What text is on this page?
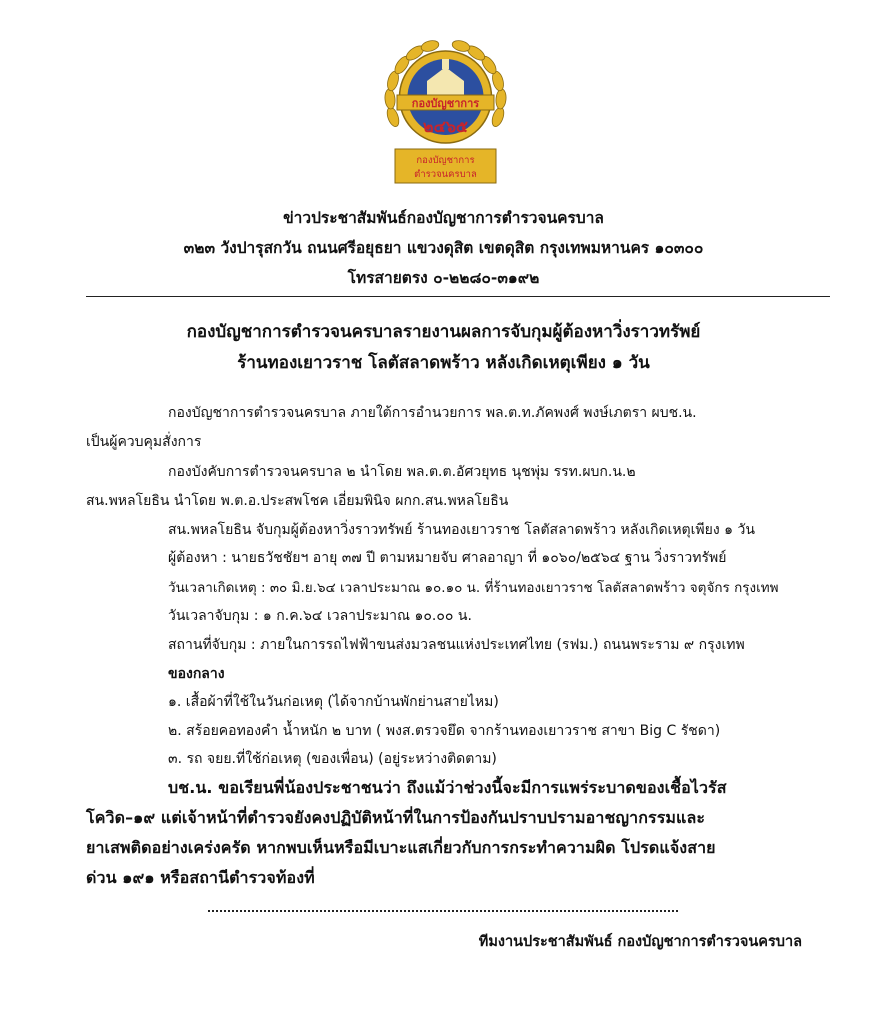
กองบัญชาการ
๒๔๖๕
กองบัญชาการ
ตำรวจนครบาล
ข่าวประชาสัมพันธ์กองบัญชาการตำรวจนครบาล
๓๒๓ วังปารุสกวัน ถนนศรีอยุธยา แขวงดุสิต เขตดุสิต กรุงเทพมหานคร ๑๐๓๐๐
โทรสายตรง ๐-๒๒๘๐-๓๑๙๒
กองบัญชาการตำรวจนครบาลรายงานผลการจับกุมผู้ต้องหาวิ่งราวทรัพย์
ร้านทองเยาวราช โลตัสลาดพร้าว หลังเกิดเหตุเพียง ๑ วัน
กองบัญชาการตำรวจนครบาล ภายใต้การอำนวยการ พล.ต.ท.ภัคพงศ์ พงษ์เภตรา ผบช.น.
เป็นผู้ควบคุมสั่งการ
กองบังคับการตำรวจนครบาล ๒ นำโดย พล.ต.ต.อัศวยุทธ นุชพุ่ม รรท.ผบก.น.๒
สน.พหลโยธิน นำโดย พ.ต.อ.ประสพโชค เอี่ยมพินิจ ผกก.สน.พหลโยธิน
สน.พหลโยธิน จับกุมผู้ต้องหาวิ่งราวทรัพย์ ร้านทองเยาวราช โลตัสลาดพร้าว หลังเกิดเหตุเพียง ๑ วัน
ผู้ต้องหา : นายธวัชชัยฯ อายุ ๓๗ ปี ตามหมายจับ ศาลอาญา ที่ ๑๐๖๐/๒๕๖๔ ฐาน วิ่งราวทรัพย์
วันเวลาเกิดเหตุ : ๓๐ มิ.ย.๖๔ เวลาประมาณ ๑๐.๑๐ น. ที่ร้านทองเยาวราช โลตัสลาดพร้าว จตุจักร กรุงเทพ
วันเวลาจับกุม : ๑ ก.ค.๖๔ เวลาประมาณ ๑๐.๐๐ น.
สถานที่จับกุม : ภายในการรถไฟฟ้าขนส่งมวลชนแห่งประเทศไทย (รฟม.) ถนนพระราม ๙ กรุงเทพ
ของกลาง
๑. เสื้อผ้าที่ใช้ในวันก่อเหตุ (ได้จากบ้านพักย่านสายไหม)
๒. สร้อยคอทองคำ น้ำหนัก ๒ บาท ( พงส.ตรวจยึด จากร้านทองเยาวราช สาขา Big C รัชดา)
๓. รถ จยย.ที่ใช้ก่อเหตุ (ของเพื่อน) (อยู่ระหว่างติดตาม)
บช.น. ขอเรียนพี่น้องประชาชนว่า ถึงแม้ว่าช่วงนี้จะมีการแพร่ระบาดของเชื้อไวรัส
โควิด–๑๙ แต่เจ้าหน้าที่ตำรวจยังคงปฏิบัติหน้าที่ในการป้องกันปราบปรามอาชญากรรมและ
ยาเสพติดอย่างเคร่งครัด หากพบเห็นหรือมีเบาะแสเกี่ยวกับการกระทำความผิด โปรดแจ้งสาย
ด่วน ๑๙๑ หรือสถานีตำรวจท้องที่
ทีมงานประชาสัมพันธ์ กองบัญชาการตำรวจนครบาล
